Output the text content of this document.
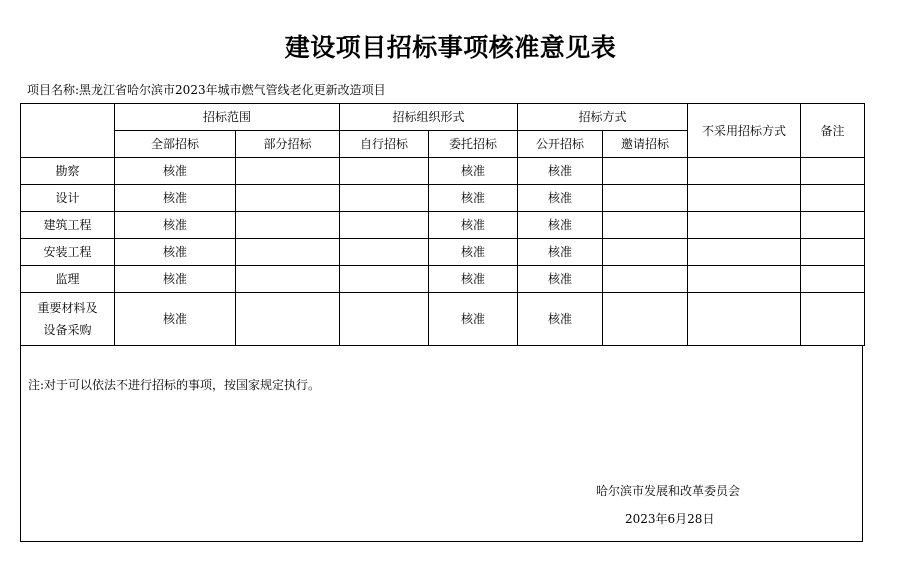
建设项目招标事项核准意见表
项目名称:黑龙江省哈尔滨市2023年城市燃气管线老化更新改造项目
	招标范围		招标组织形式		招标方式		不采用招标方式	备注
	全部招标	部分招标	自行招标	委托招标	公开招标	邀请招标		
勘察	核准			核准	核准			
设计	核准			核准	核准			
建筑工程	核准			核准	核准			
安装工程	核准			核准	核准			
监理	核准			核准	核准			

重要材料及
设备采购	核准			核准	核准			
注:对于可以依法不进行招标的事项，按国家规定执行。
哈尔滨市发展和改革委员会
2023年6月28日
